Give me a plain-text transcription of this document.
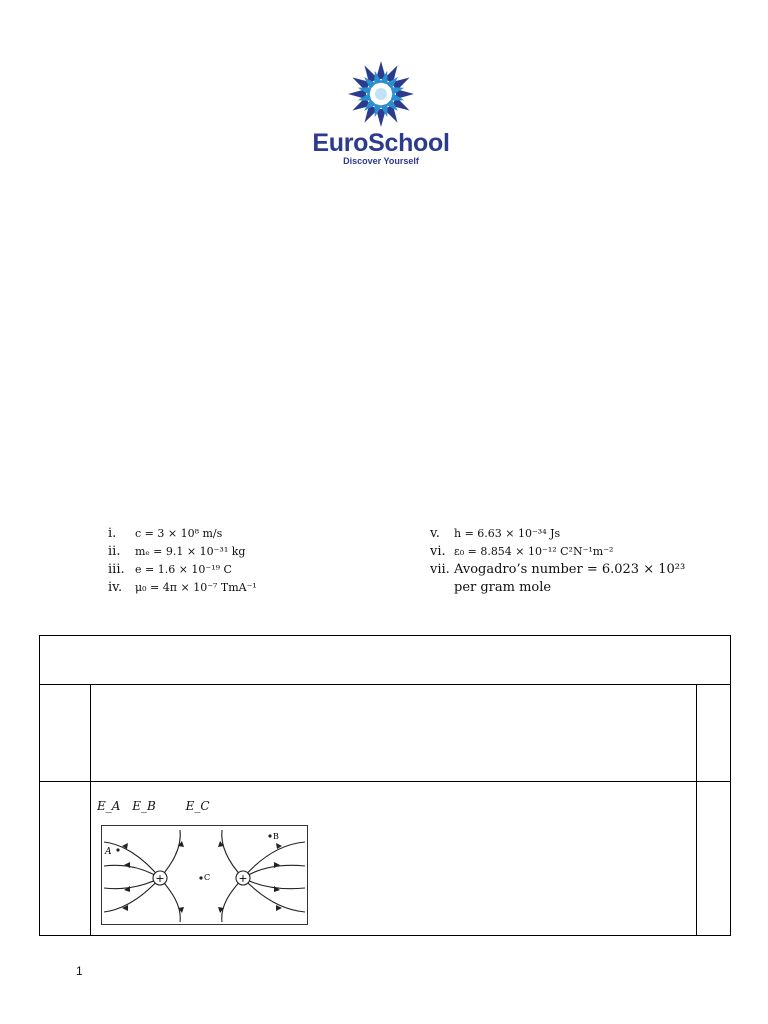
EuroSchool
Discover Yourself
i.	c = 3 × 10⁸ m/s
ii.	mₑ = 9.1 × 10⁻³¹ kg
iii. e = 1.6 × 10⁻¹⁹ C
iv.	μ₀ = 4π × 10⁻⁷ TmA⁻¹
v.	h = 6.63 × 10⁻³⁴ Js
vi. ε₀ = 8.854 × 10⁻¹² C²N⁻¹m⁻²
vii. Avogadro’s number = 6.023 × 10²³ per gram mole
E_A E_B E_C
+	+
A
B
C
1
